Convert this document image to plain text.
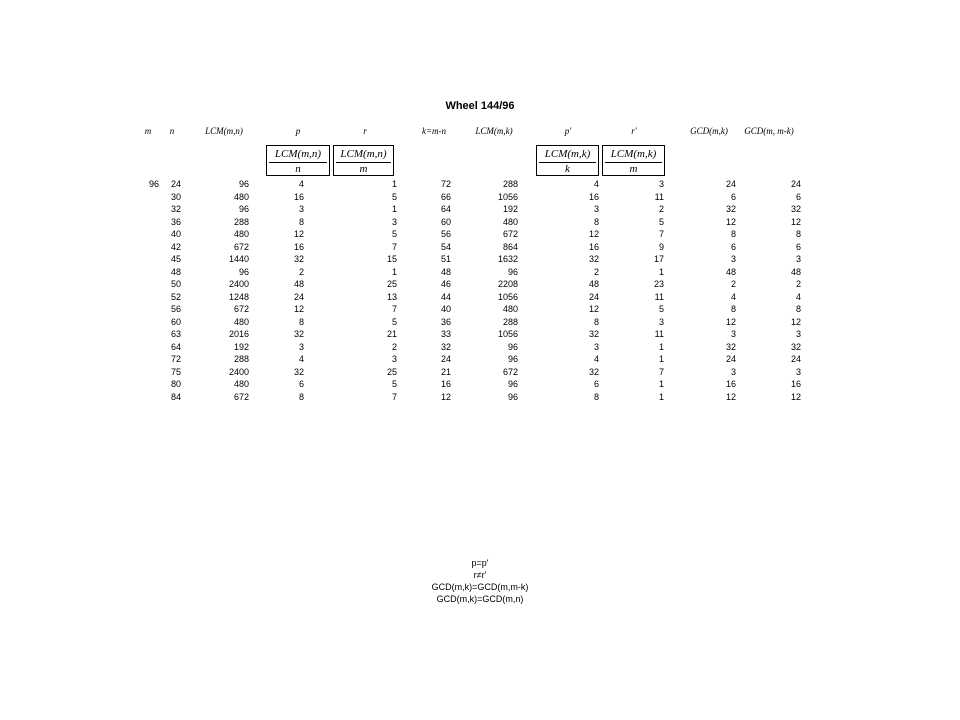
Wheel 144/96
m n	LCM(m,n)	p	r	k=m-n	LCM(m,k)	p'	r'	GCD(m,k) GCD(m, m-k)
LCM(m,n)
n
LCM(m,n)
m
LCM(m,k)
k
LCM(m,k)
m
96 24	96	4	1	72	288	4	3	24	24
30	480	16	5	66	1056	16	11	6	6
32	96	3	1	64	192	3	2	32	32
36	288	8	3	60	480	8	5	12	12
40	480	12	5	56	672	12	7	8	8
42	672	16	7	54	864	16	9	6	6
45	1440	32	15	51	1632	32	17	3	3
48	96	2	1	48	96	2	1	48	48
50	2400	48	25	46	2208	48	23	2	2
52	1248	24	13	44	1056	24	11	4	4
56	672	12	7	40	480	12	5	8	8
60	480	8	5	36	288	8	3	12	12
63	2016	32	21	33	1056	32	11	3	3
64	192	3	2	32	96	3	1	32	32
72	288	4	3	24	96	4	1	24	24
75	2400	32	25	21	672	32	7	3	3
80	480	6	5	16	96	6	1	16	16
84	672	8	7	12	96	8	1	12	12
p=p'
r≠r'
GCD(m,k)=GCD(m,m-k)
GCD(m,k)=GCD(m,n)
